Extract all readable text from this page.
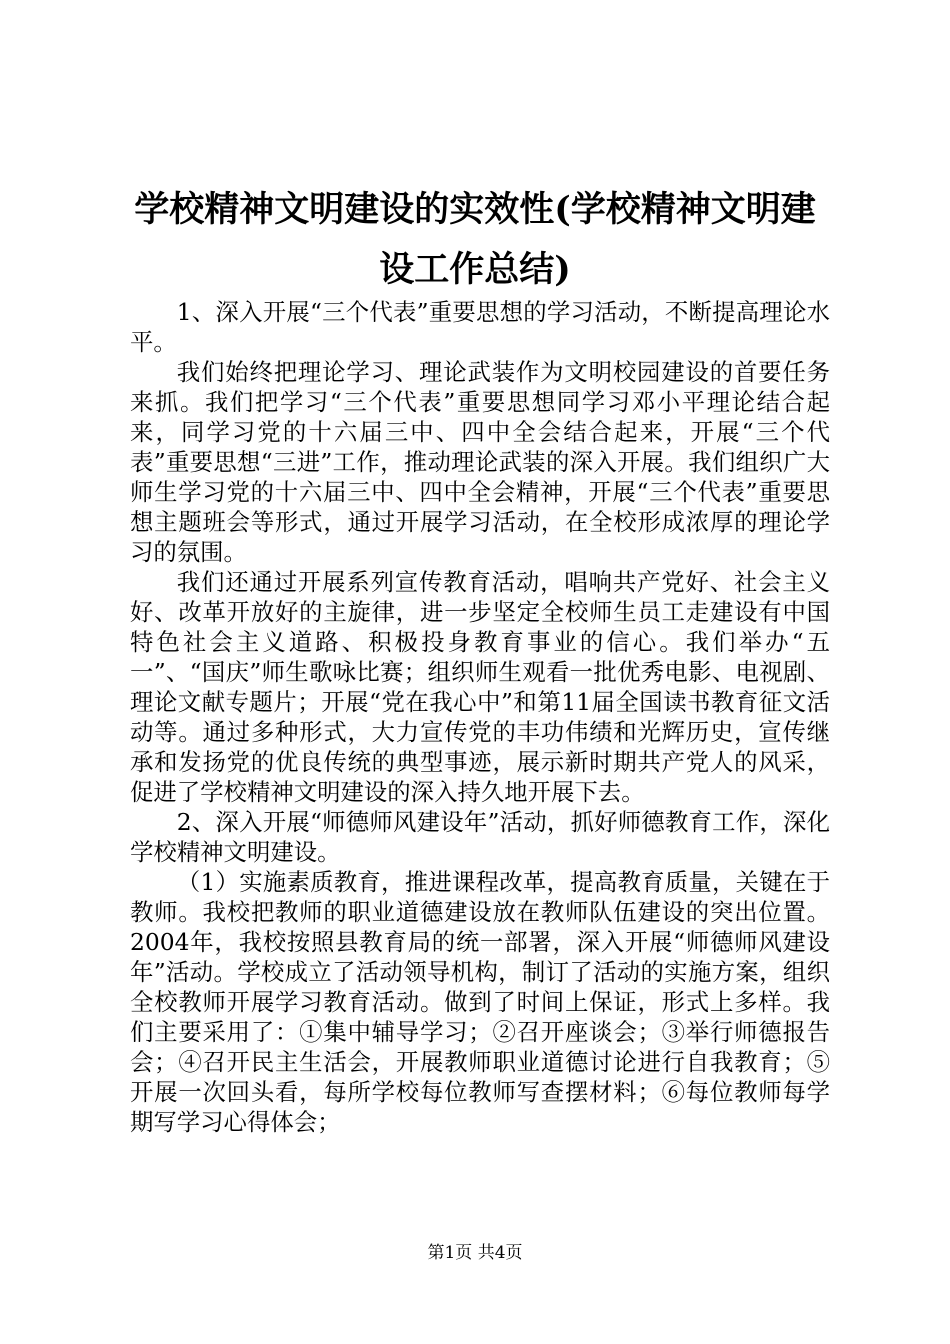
学校精神文明建设的实效性(学校精神文明建
设工作总结)

1、深入开展“三个代表”重要思想的学习活动，不断提高理论水平。

我们始终把理论学习、理论武装作为文明校园建设的首要任务来抓。我们把学习“三个代表”重要思想同学习邓小平理论结合起来，同学习党的十六届三中、四中全会结合起来，开展“三个代表”重要思想“三进”工作，推动理论武装的深入开展。我们组织广大师生学习党的十六届三中、四中全会精神，开展“三个代表”重要思想主题班会等形式，通过开展学习活动，在全校形成浓厚的理论学习的氛围。

我们还通过开展系列宣传教育活动，唱响共产党好、社会主义好、改革开放好的主旋律，进一步坚定全校师生员工走建设有中国特色社会主义道路、积极投身教育事业的信心。我们举办“五一”、“国庆”师生歌咏比赛；组织师生观看一批优秀电影、电视剧、理论文献专题片；开展“党在我心中”和第11届全国读书教育征文活动等。通过多种形式，大力宣传党的丰功伟绩和光辉历史，宣传继承和发扬党的优良传统的典型事迹，展示新时期共产党人的风采，促进了学校精神文明建设的深入持久地开展下去。

2、深入开展“师德师风建设年”活动，抓好师德教育工作，深化学校精神文明建设。

（1）实施素质教育，推进课程改革，提高教育质量，关键在于教师。我校把教师的职业道德建设放在教师队伍建设的突出位置。2004年，我校按照县教育局的统一部署，深入开展“师德师风建设年”活动。学校成立了活动领导机构，制订了活动的实施方案，组织全校教师开展学习教育活动。做到了时间上保证，形式上多样。我们主要采用了：①集中辅导学习；②召开座谈会；③举行师德报告会；④召开民主生活会，开展教师职业道德讨论进行自我教育；⑤开展一次回头看，每所学校每位教师写查摆材料；⑥每位教师每学期写学习心得体会；

第1页 共4页
